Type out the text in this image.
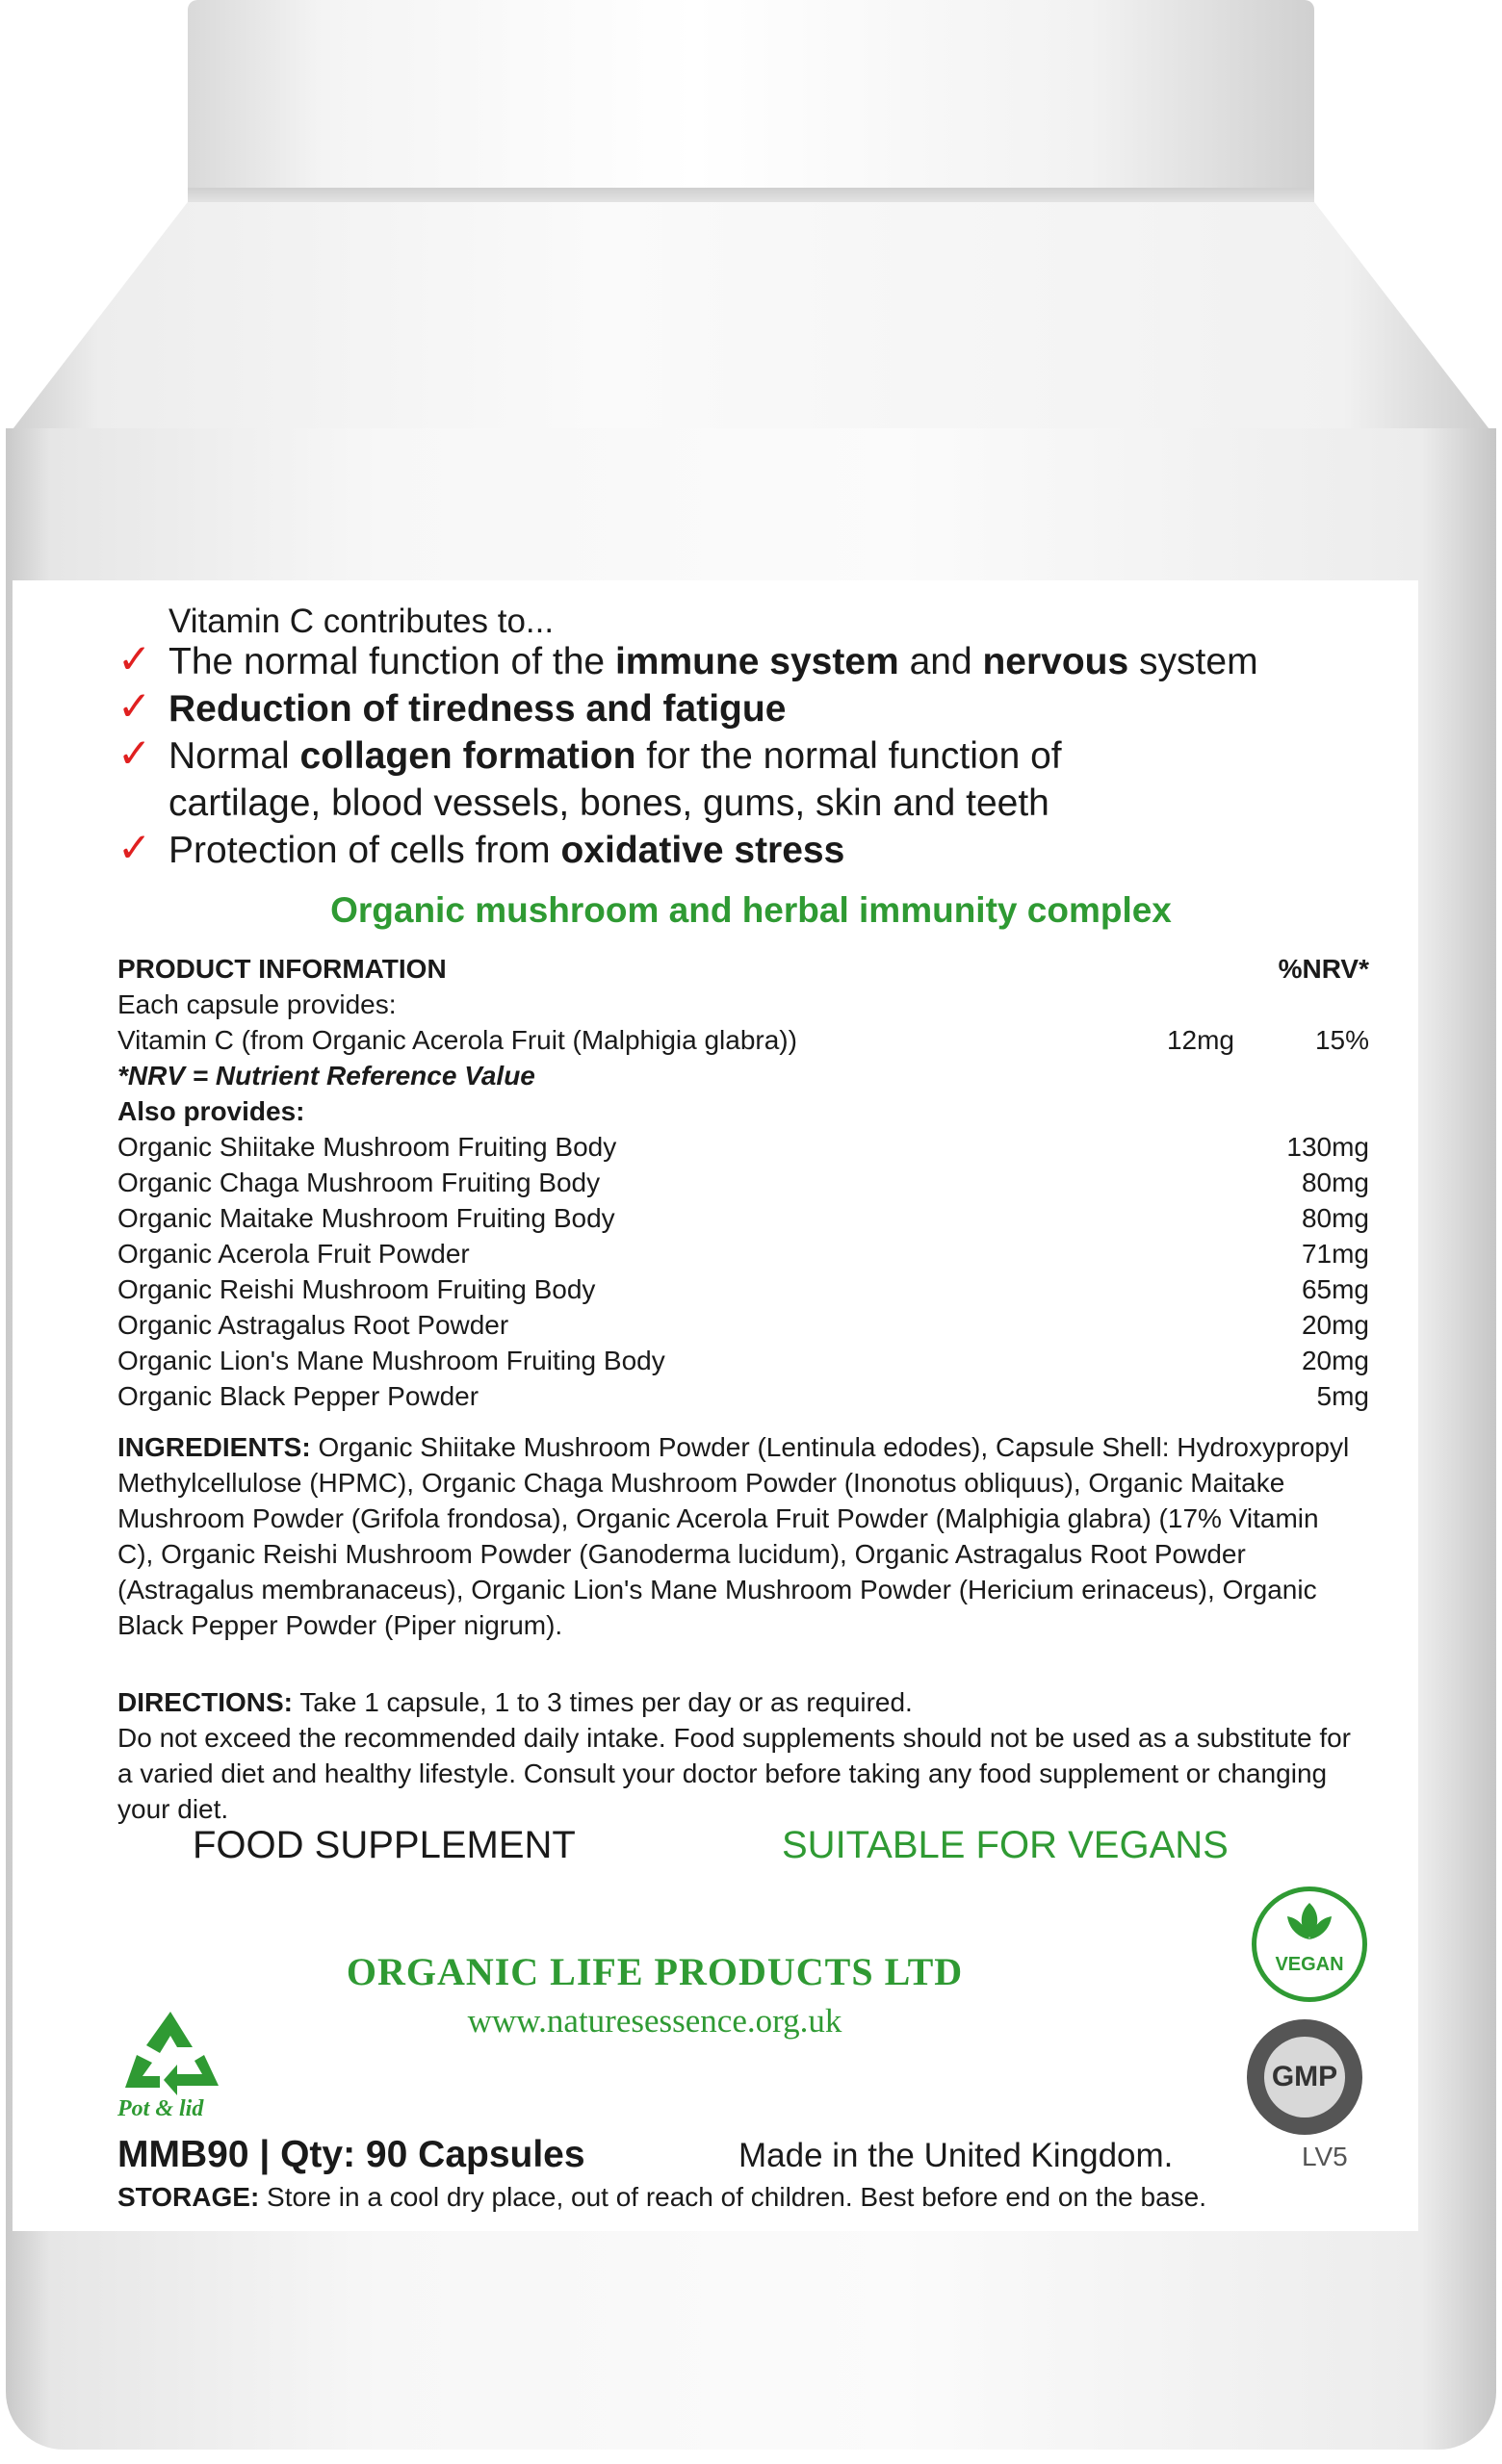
Vitamin C contributes to...
✓ The normal function of the immune system and nervous system
✓ Reduction of tiredness and fatigue
✓ Normal collagen formation for the normal function of
cartilage, blood vessels, bones, gums, skin and teeth
✓ Protection of cells from oxidative stress
Organic mushroom and herbal immunity complex
PRODUCT INFORMATION	%NRV*
Each capsule provides:
Vitamin C (from Organic Acerola Fruit (Malphigia glabra))	12mg	15%
*NRV = Nutrient Reference Value
Also provides:
Organic Shiitake Mushroom Fruiting Body	130mg
Organic Chaga Mushroom Fruiting Body	80mg
Organic Maitake Mushroom Fruiting Body	80mg
Organic Acerola Fruit Powder	71mg
Organic Reishi Mushroom Fruiting Body	65mg
Organic Astragalus Root Powder	20mg
Organic Lion's Mane Mushroom Fruiting Body	20mg
Organic Black Pepper Powder	5mg
INGREDIENTS: Organic Shiitake Mushroom Powder (Lentinula edodes), Capsule Shell: Hydroxypropyl Methylcellulose (HPMC), Organic Chaga Mushroom Powder (Inonotus obliquus), Organic Maitake Mushroom Powder (Grifola frondosa), Organic Acerola Fruit Powder (Malphigia glabra) (17% Vitamin C), Organic Reishi Mushroom Powder (Ganoderma lucidum), Organic Astragalus Root Powder (Astragalus membranaceus), Organic Lion's Mane Mushroom Powder (Hericium erinaceus), Organic Black Pepper Powder (Piper nigrum).
DIRECTIONS: Take 1 capsule, 1 to 3 times per day or as required.
Do not exceed the recommended daily intake. Food supplements should not be used as a substitute for a varied diet and healthy lifestyle. Consult your doctor before taking any food supplement or changing your diet.
FOOD SUPPLEMENT	SUITABLE FOR VEGANS
ORGANIC LIFE PRODUCTS LTD
www.naturesessence.org.uk
VEGAN
GMP
Pot & lid
MMB90 | Qty: 90 Capsules	Made in the United Kingdom.	LV5
STORAGE: Store in a cool dry place, out of reach of children. Best before end on the base.
